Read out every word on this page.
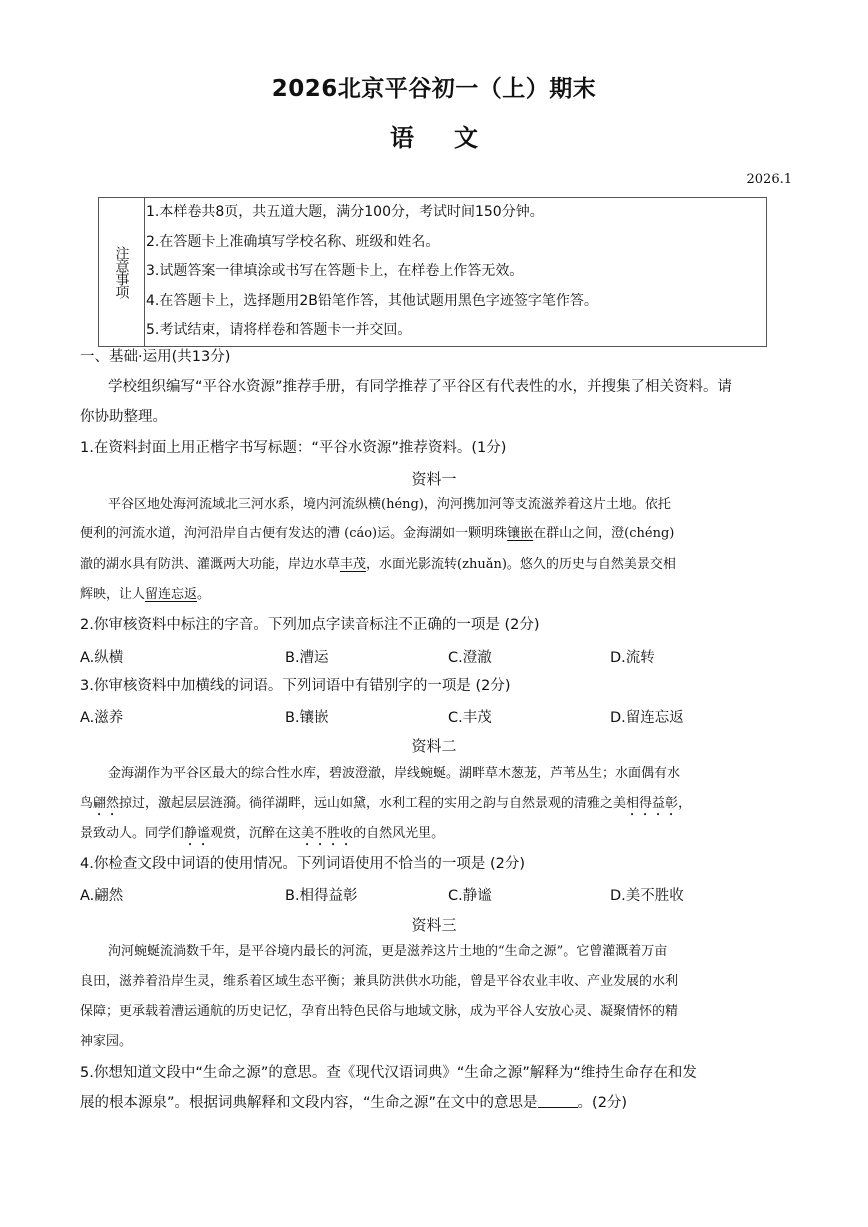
2026北京平谷初一（上）期末
语文
2026.1
注意事项
1.本样卷共8页，共五道大题，满分100分，考试时间150分钟。
2.在答题卡上准确填写学校名称、班级和姓名。
3.试题答案一律填涂或书写在答题卡上，在样卷上作答无效。
4.在答题卡上，选择题用2B铅笔作答，其他试题用黑色字迹签字笔作答。
5.考试结束，请将样卷和答题卡一并交回。
一、基础·运用(共13分)
学校组织编写“平谷水资源”推荐手册，有同学推荐了平谷区有代表性的水，并搜集了相关资料。请
你协助整理。
1.在资料封面上用正楷字书写标题：“平谷水资源”推荐资料。(1分)
资料一
平谷区地处海河流域北三河水系，境内河流纵横(héng)，泃河携加河等支流滋养着这片土地。依托
便利的河流水道，泃河沿岸自古便有发达的漕 (cáo)运。金海湖如一颗明珠镶嵌在群山之间，澄(chéng)
澈的湖水具有防洪、灌溉两大功能，岸边水草丰茂，水面光影流转(zhuǎn)。悠久的历史与自然美景交相
辉映，让人留连忘返。
2.你审核资料中标注的字音。下列加点字读音标注不正确的一项是 (2分)
A.纵横	B.漕运	C.澄澈	D.流转
3.你审核资料中加横线的词语。下列词语中有错别字的一项是 (2分)
A.滋养	B.镶嵌	C.丰茂	D.留连忘返
资料二
金海湖作为平谷区最大的综合性水库，碧波澄澈，岸线蜿蜒。湖畔草木葱茏，芦苇丛生；水面偶有水
鸟翩然掠过，激起层层涟漪。徜徉湖畔，远山如黛，水利工程的实用之韵与自然景观的清雅之美相得益彰，
景致动人。同学们静谧观赏，沉醉在这美不胜收的自然风光里。
4.你检查文段中词语的使用情况。下列词语使用不恰当的一项是 (2分)
A.翩然	B.相得益彰	C.静谧	D.美不胜收
资料三
泃河蜿蜒流淌数千年，是平谷境内最长的河流，更是滋养这片土地的“生命之源”。它曾灌溉着万亩
良田，滋养着沿岸生灵，维系着区域生态平衡；兼具防洪供水功能，曾是平谷农业丰收、产业发展的水利
保障；更承载着漕运通航的历史记忆，孕育出特色民俗与地域文脉，成为平谷人安放心灵、凝聚情怀的精
神家园。
5.你想知道文段中“生命之源”的意思。查《现代汉语词典》“生命之源”解释为“维持生命存在和发
展的根本源泉”。根据词典解释和文段内容，“生命之源”在文中的意思是	。(2分)
